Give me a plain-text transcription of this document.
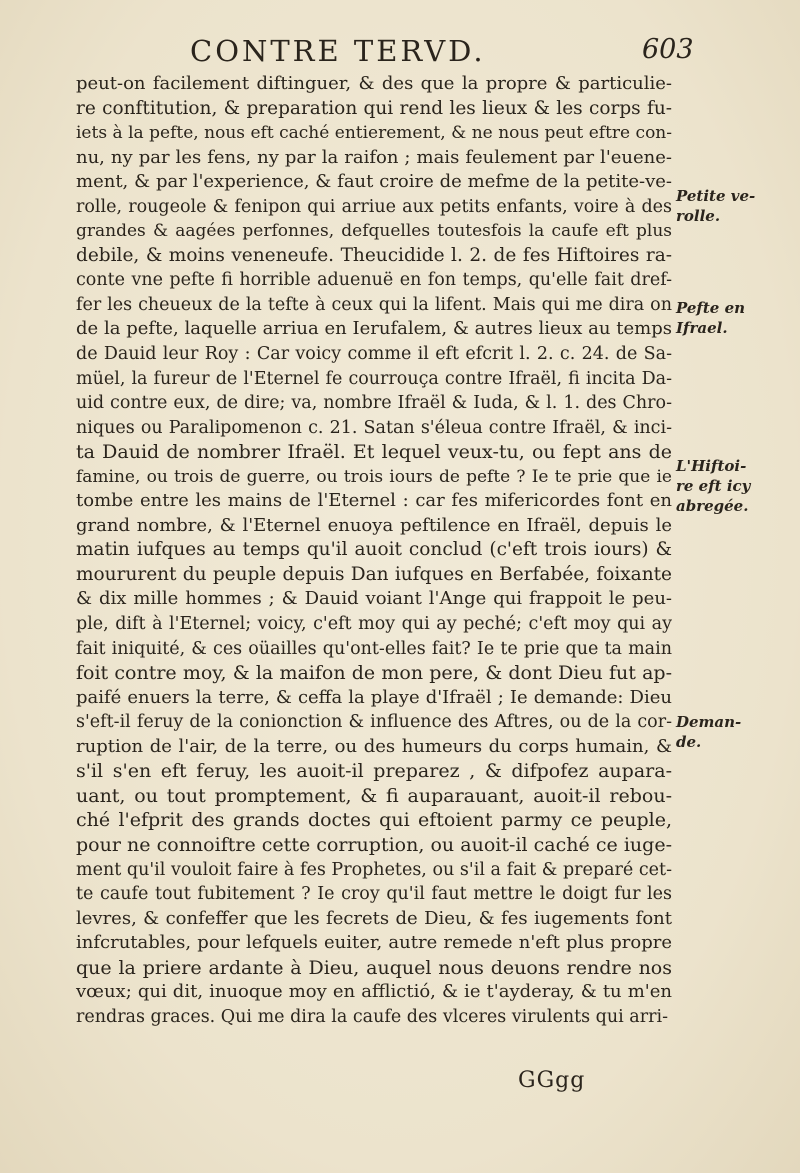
CONTRE TERVD.	603
peut-on facilement diftinguer, & des que la propre & particulie-
re conftitution, & preparation qui rend les lieux & les corps fu-
iets à la pefte, nous eft caché entierement, & ne nous peut eftre con-
nu, ny par les fens, ny par la raifon ; mais feulement par l'euene-
ment, & par l'experience, & faut croire de mefme de la petite-ve-
rolle, rougeole & fenipon qui arriue aux petits enfants, voire à des
grandes & aagées perfonnes, defquelles toutesfois la caufe eft plus
debile, & moins veneneufe. Theucidide l. 2. de fes Hiftoires ra-
conte vne pefte fi horrible aduenuë en fon temps, qu'elle fait dref-
fer les cheueux de la tefte à ceux qui la lifent. Mais qui me dira on
de la pefte, laquelle arriua en Ierufalem, & autres lieux au temps
de Dauid leur Roy : Car voicy comme il eft efcrit l. 2. c. 24. de Sa-
müel, la fureur de l'Eternel fe courrouça contre Ifraël, fi incita Da-
uid contre eux, de dire; va, nombre Ifraël & Iuda, & l. 1. des Chro-
niques ou Paralipomenon c. 21. Satan s'éleua contre Ifraël, & inci-
ta Dauid de nombrer Ifraël. Et lequel veux-tu, ou fept ans de
famine, ou trois de guerre, ou trois iours de pefte ? Ie te prie que ie
tombe entre les mains de l'Eternel : car fes mifericordes font en
grand nombre, & l'Eternel enuoya peftilence en Ifraël, depuis le
matin iufques au temps qu'il auoit conclud (c'eft trois iours) &
moururent du peuple depuis Dan iufques en Berfabée, foixante
& dix mille hommes ; & Dauid voiant l'Ange qui frappoit le peu-
ple, dift à l'Eternel; voicy, c'eft moy qui ay peché; c'eft moy qui ay
fait iniquité, & ces oüailles qu'ont-elles fait? Ie te prie que ta main
foit contre moy, & la maifon de mon pere, & dont Dieu fut ap-
paifé enuers la terre, & ceffa la playe d'Ifraël ; Ie demande: Dieu
s'eft-il feruy de la conionction & influence des Aftres, ou de la cor-
ruption de l'air, de la terre, ou des humeurs du corps humain, &
s'il s'en eft feruy, les auoit-il preparez , & difpofez aupara-
uant, ou tout promptement, & fi auparauant, auoit-il rebou-
ché l'efprit des grands doctes qui eftoient parmy ce peuple,
pour ne connoiftre cette corruption, ou auoit-il caché ce iuge-
ment qu'il vouloit faire à fes Prophetes, ou s'il a fait & preparé cet-
te caufe tout fubitement ? Ie croy qu'il faut mettre le doigt fur les
levres, & confeffer que les fecrets de Dieu, & fes iugements font
infcrutables, pour lefquels euiter, autre remede n'eft plus propre
que la priere ardante à Dieu, auquel nous deuons rendre nos
vœux; qui dit, inuoque moy en afflictió, & ie t'ayderay, & tu m'en
rendras graces. Qui me dira la caufe des vlceres virulents qui arri-
Petite ve-
rolle.
Pefte en
Ifrael.
L'Hiftoi-
re eft icy
abregée.
Deman-
de.
GGgg
